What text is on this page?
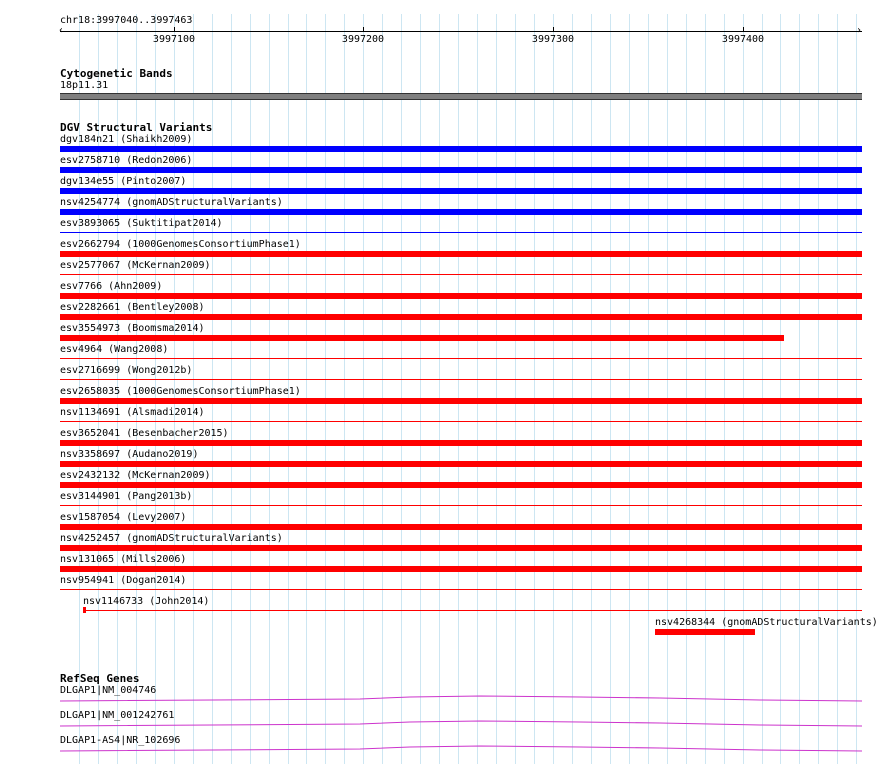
chr18:3997040..3997463
‹	›
3997100	3997200	3997300	3997400
Cytogenetic Bands
18p11.31
DGV Structural Variants
dgv184n21 (Shaikh2009)
esv2758710 (Redon2006)
dgv134e55 (Pinto2007)
nsv4254774 (gnomADStructuralVariants)
esv3893065 (Suktitipat2014)
esv2662794 (1000GenomesConsortiumPhase1)
esv2577067 (McKernan2009)
esv7766 (Ahn2009)
esv2282661 (Bentley2008)
esv3554973 (Boomsma2014)
esv4964 (Wang2008)
esv2716699 (Wong2012b)
esv2658035 (1000GenomesConsortiumPhase1)
nsv1134691 (Alsmadi2014)
esv3652041 (Besenbacher2015)
nsv3358697 (Audano2019)
esv2432132 (McKernan2009)
esv3144901 (Pang2013b)
esv1587054 (Levy2007)
nsv4252457 (gnomADStructuralVariants)
nsv131065 (Mills2006)
nsv954941 (Dogan2014)
nsv1146733 (John2014)
nsv4268344 (gnomADStructuralVariants)
RefSeq Genes
DLGAP1|NM_004746
DLGAP1|NM_001242761
DLGAP1-AS4|NR_102696
